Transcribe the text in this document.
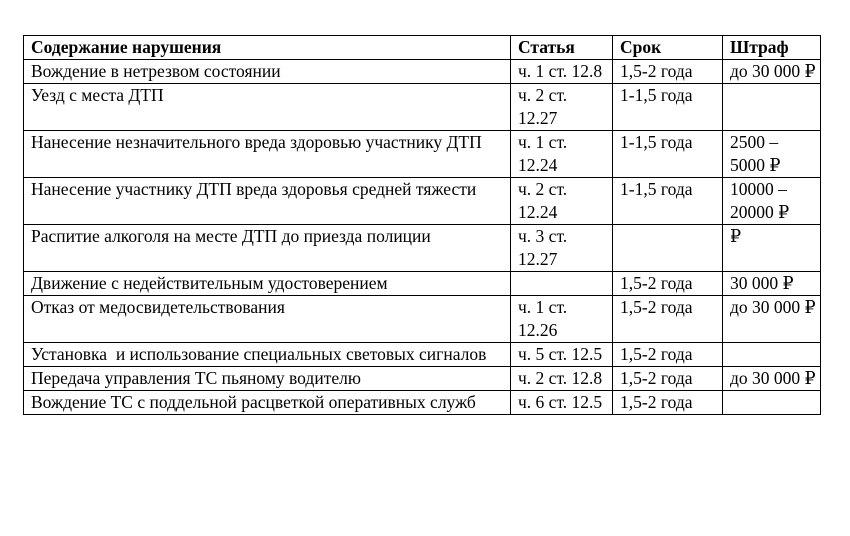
Содержание нарушения	Статья	Срок	Штраф
Вождение в нетрезвом состоянии	ч. 1 ст. 12.8	1,5-2 года	до 30 000 ₽
Уезд с места ДТП	ч. 2 ст. 12.27	1-1,5 года	
Нанесение незначительного вреда здоровью участнику ДТП	ч. 1 ст. 12.24	1-1,5 года	2500 – 5000 ₽
Нанесение участнику ДТП вреда здоровья средней тяжести	ч. 2 ст. 12.24	1-1,5 года	10000 – 20000 ₽
Распитие алкоголя на месте ДТП до приезда полиции	ч. 3 ст. 12.27		₽
Движение с недействительным удостоверением		1,5-2 года	30 000 ₽
Отказ от медосвидетельствования	ч. 1 ст. 12.26	1,5-2 года	до 30 000 ₽
Установка  и использование специальных световых сигналов	ч. 5 ст. 12.5	1,5-2 года	
Передача управления ТС пьяному водителю	ч. 2 ст. 12.8	1,5-2 года	до 30 000 ₽
Вождение ТС с поддельной расцветкой оперативных служб	ч. 6 ст. 12.5	1,5-2 года	
